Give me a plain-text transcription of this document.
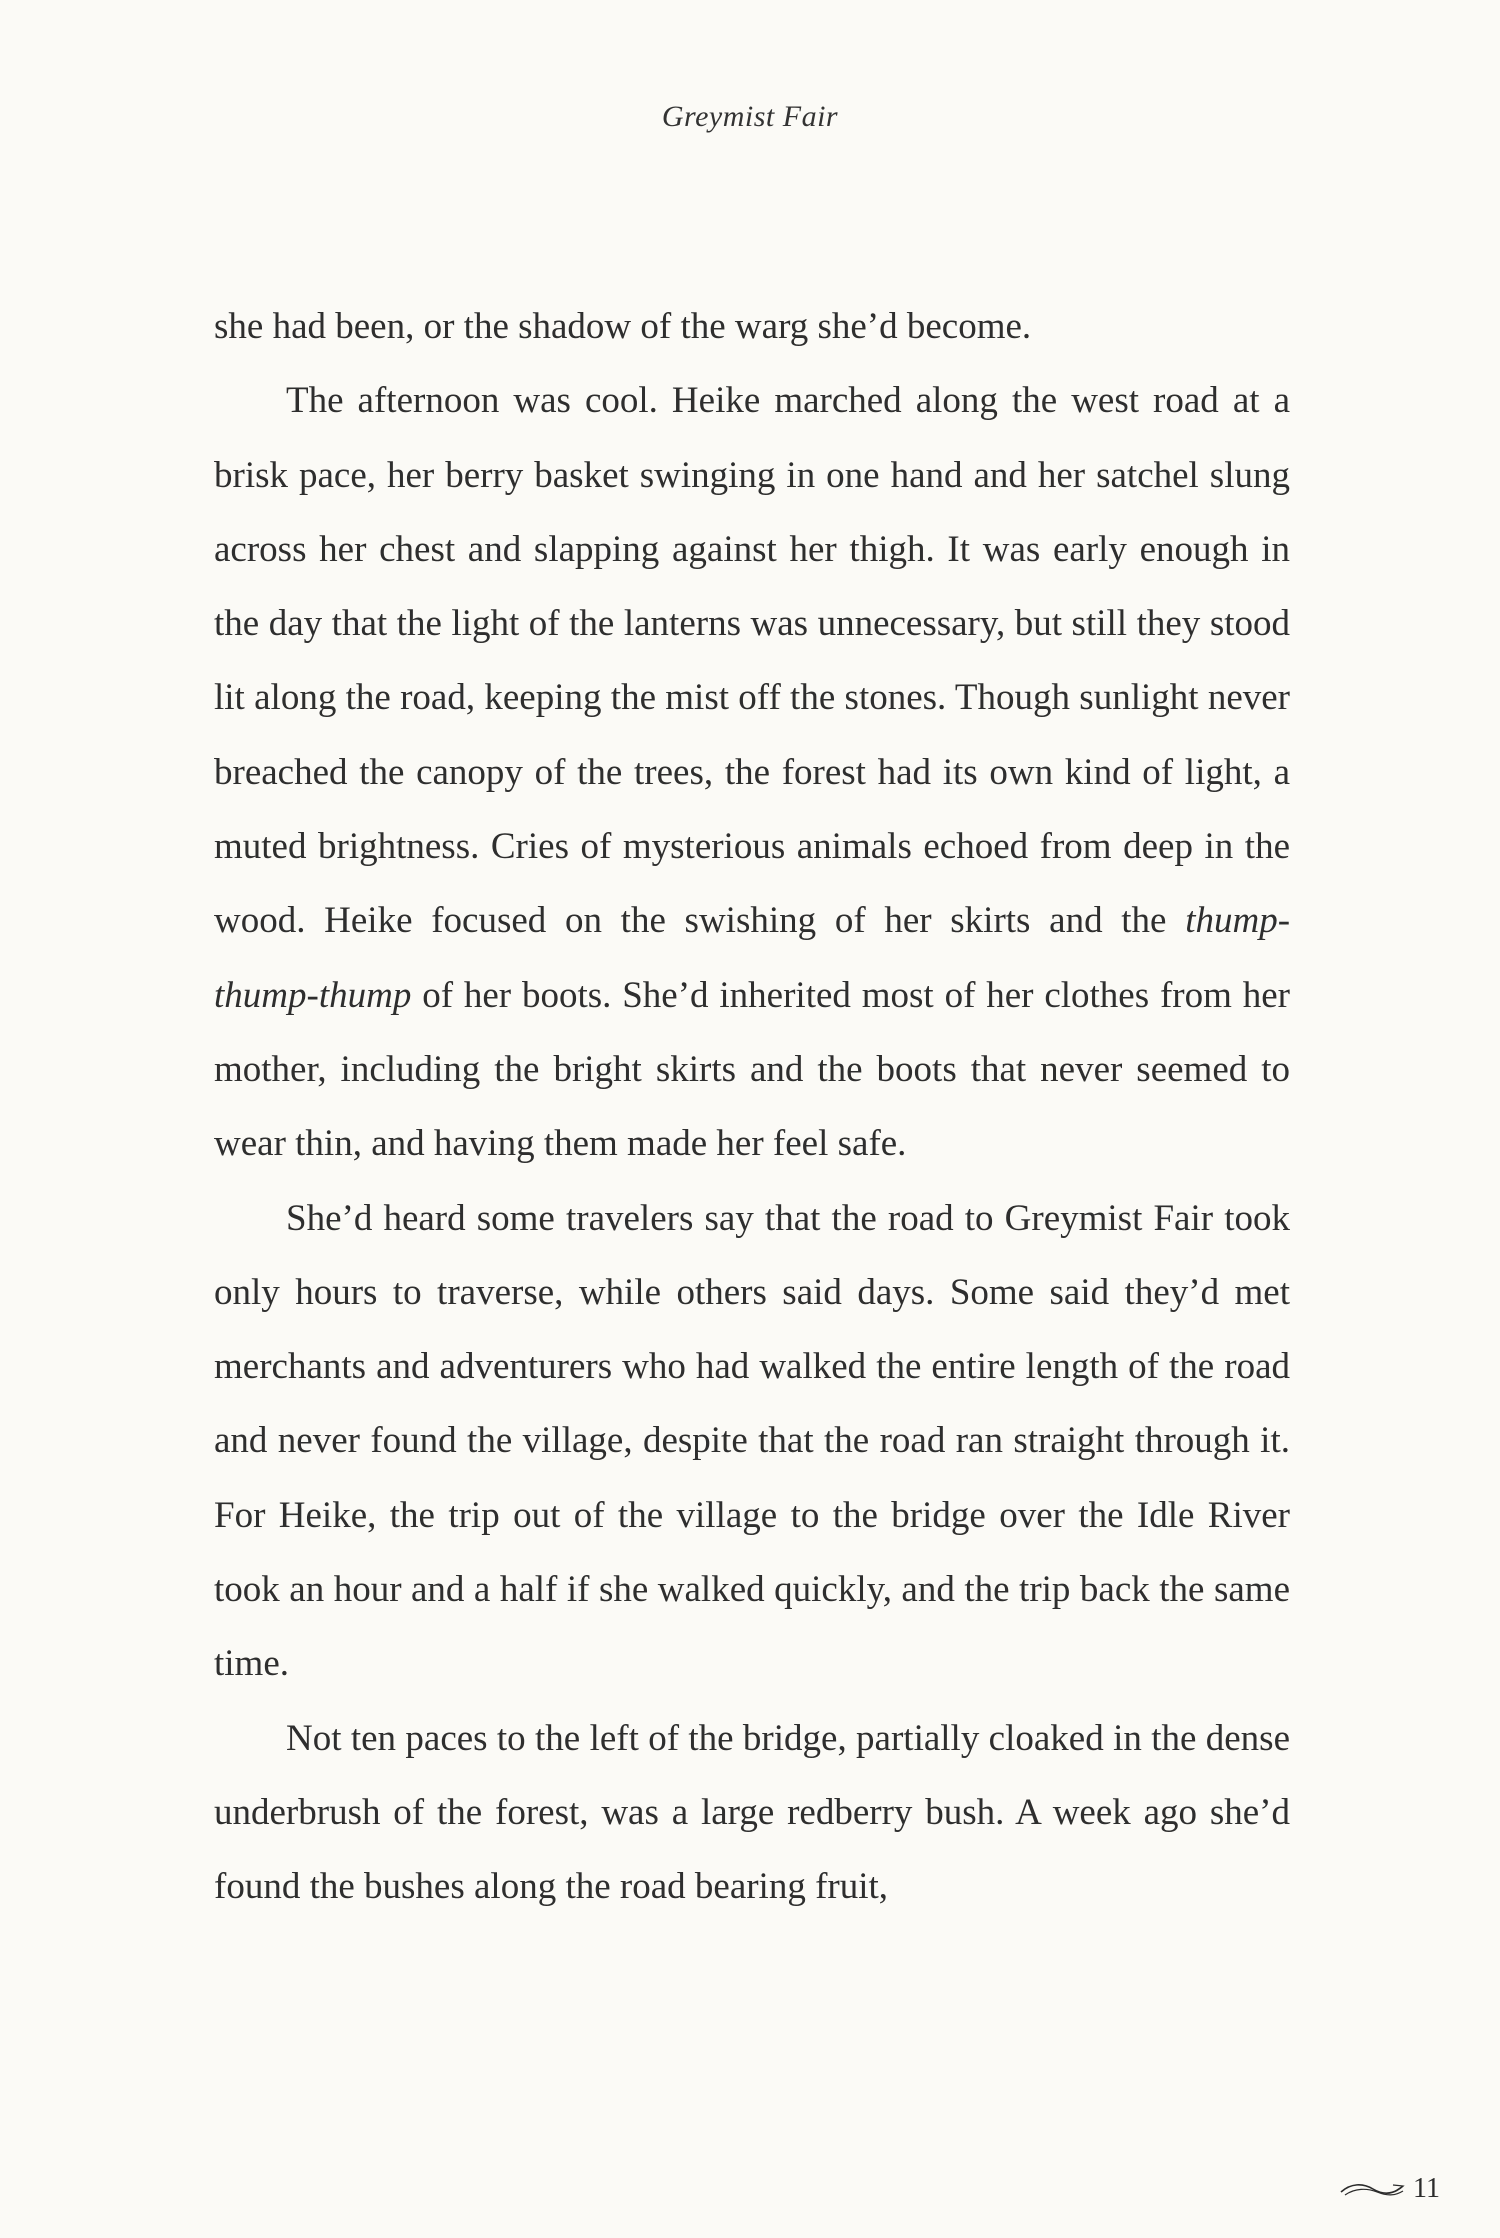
Greymist Fair

she had been, or the shadow of the warg she’d become.

The afternoon was cool. Heike marched along the west road at a brisk pace, her berry basket swinging in one hand and her satchel slung across her chest and slapping against her thigh. It was early enough in the day that the light of the lanterns was unnecessary, but still they stood lit along the road, keeping the mist off the stones. Though sunlight never breached the canopy of the trees, the forest had its own kind of light, a muted brightness. Cries of mysterious animals echoed from deep in the wood. Heike focused on the swishing of her skirts and the thump-thump-thump of her boots. She’d inherited most of her clothes from her mother, including the bright skirts and the boots that never seemed to wear thin, and having them made her feel safe.

She’d heard some travelers say that the road to Greymist Fair took only hours to traverse, while others said days. Some said they’d met merchants and adventurers who had walked the entire length of the road and never found the village, despite that the road ran straight through it. For Heike, the trip out of the village to the bridge over the Idle River took an hour and a half if she walked quickly, and the trip back the same time.

Not ten paces to the left of the bridge, partially cloaked in the dense underbrush of the forest, was a large redberry bush. A week ago she’d found the bushes along the road bearing fruit,

11
